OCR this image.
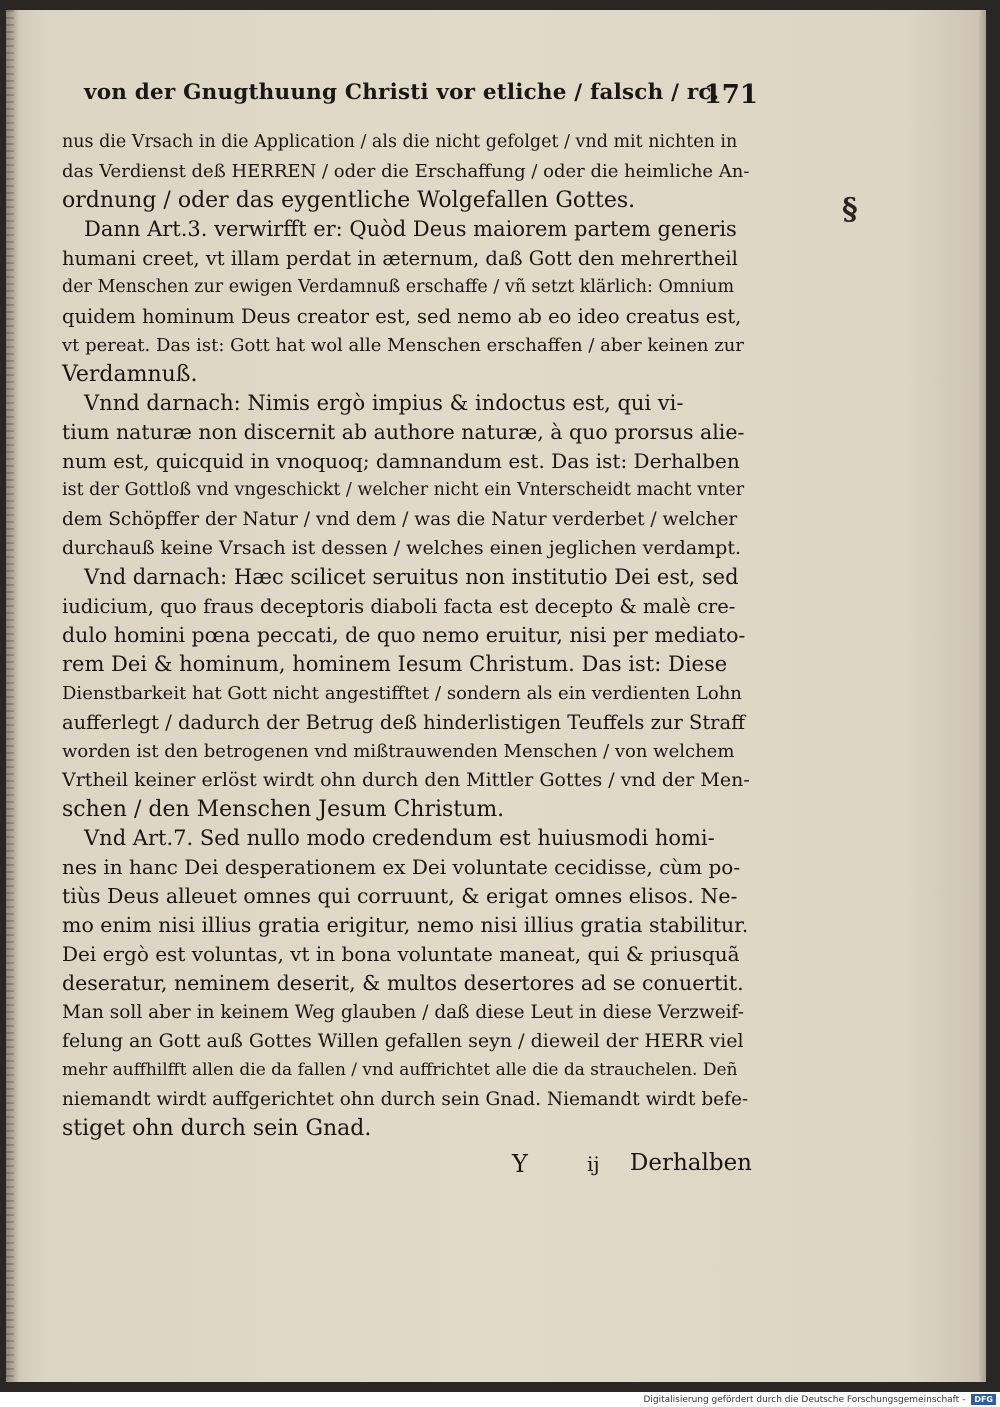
von der Gnugthuung Christi vor etliche / falsch / rc.
171
§
nus die Vrsach in die Application / als die nicht gefolget / vnd mit nichten in
das Verdienst deß HERREN / oder die Erschaffung / oder die heimliche An-
ordnung / oder das eygentliche Wolgefallen Gottes.
Dann Art.3. verwirfft er: Quòd Deus maiorem partem generis
humani creet, vt illam perdat in æternum, daß Gott den mehrertheil
der Menschen zur ewigen Verdamnuß erschaffe / vñ setzt klärlich: Omnium
quidem hominum Deus creator est, sed nemo ab eo ideo creatus est,
vt pereat. Das ist: Gott hat wol alle Menschen erschaffen / aber keinen zur
Verdamnuß.
Vnnd darnach: Nimis ergò impius & indoctus est, qui vi-
tium naturæ non discernit ab authore naturæ, à quo prorsus alie-
num est, quicquid in vnoquoq; damnandum est. Das ist: Derhalben
ist der Gottloß vnd vngeschickt / welcher nicht ein Vnterscheidt macht vnter
dem Schöpffer der Natur / vnd dem / was die Natur verderbet / welcher
durchauß keine Vrsach ist dessen / welches einen jeglichen verdampt.
Vnd darnach: Hæc scilicet seruitus non institutio Dei est, sed
iudicium, quo fraus deceptoris diaboli facta est decepto & malè cre-
dulo homini pœna peccati, de quo nemo eruitur, nisi per mediato-
rem Dei & hominum, hominem Iesum Christum. Das ist: Diese
Dienstbarkeit hat Gott nicht angestifftet / sondern als ein verdienten Lohn
aufferlegt / dadurch der Betrug deß hinderlistigen Teuffels zur Straff
worden ist den betrogenen vnd mißtrauwenden Menschen / von welchem
Vrtheil keiner erlöst wirdt ohn durch den Mittler Gottes / vnd der Men-
schen / den Menschen Jesum Christum.
Vnd Art.7. Sed nullo modo credendum est huiusmodi homi-
nes in hanc Dei desperationem ex Dei voluntate cecidisse, cùm po-
tiùs Deus alleuet omnes qui corruunt, & erigat omnes elisos. Ne-
mo enim nisi illius gratia erigitur, nemo nisi illius gratia stabilitur.
Dei ergò est voluntas, vt in bona voluntate maneat, qui & priusquã
deseratur, neminem deserit, & multos desertores ad se conuertit.
Man soll aber in keinem Weg glauben / daß diese Leut in diese Verzweif-
felung an Gott auß Gottes Willen gefallen seyn / dieweil der HERR viel
mehr auffhilfft allen die da fallen / vnd auffrichtet alle die da strauchelen. Deñ
niemandt wirdt auffgerichtet ohn durch sein Gnad. Niemandt wirdt befe-
stiget ohn durch sein Gnad.
Y	ij Derhalben
Digitalisierung gefördert durch die Deutsche Forschungsgemeinschaft -	DFG
